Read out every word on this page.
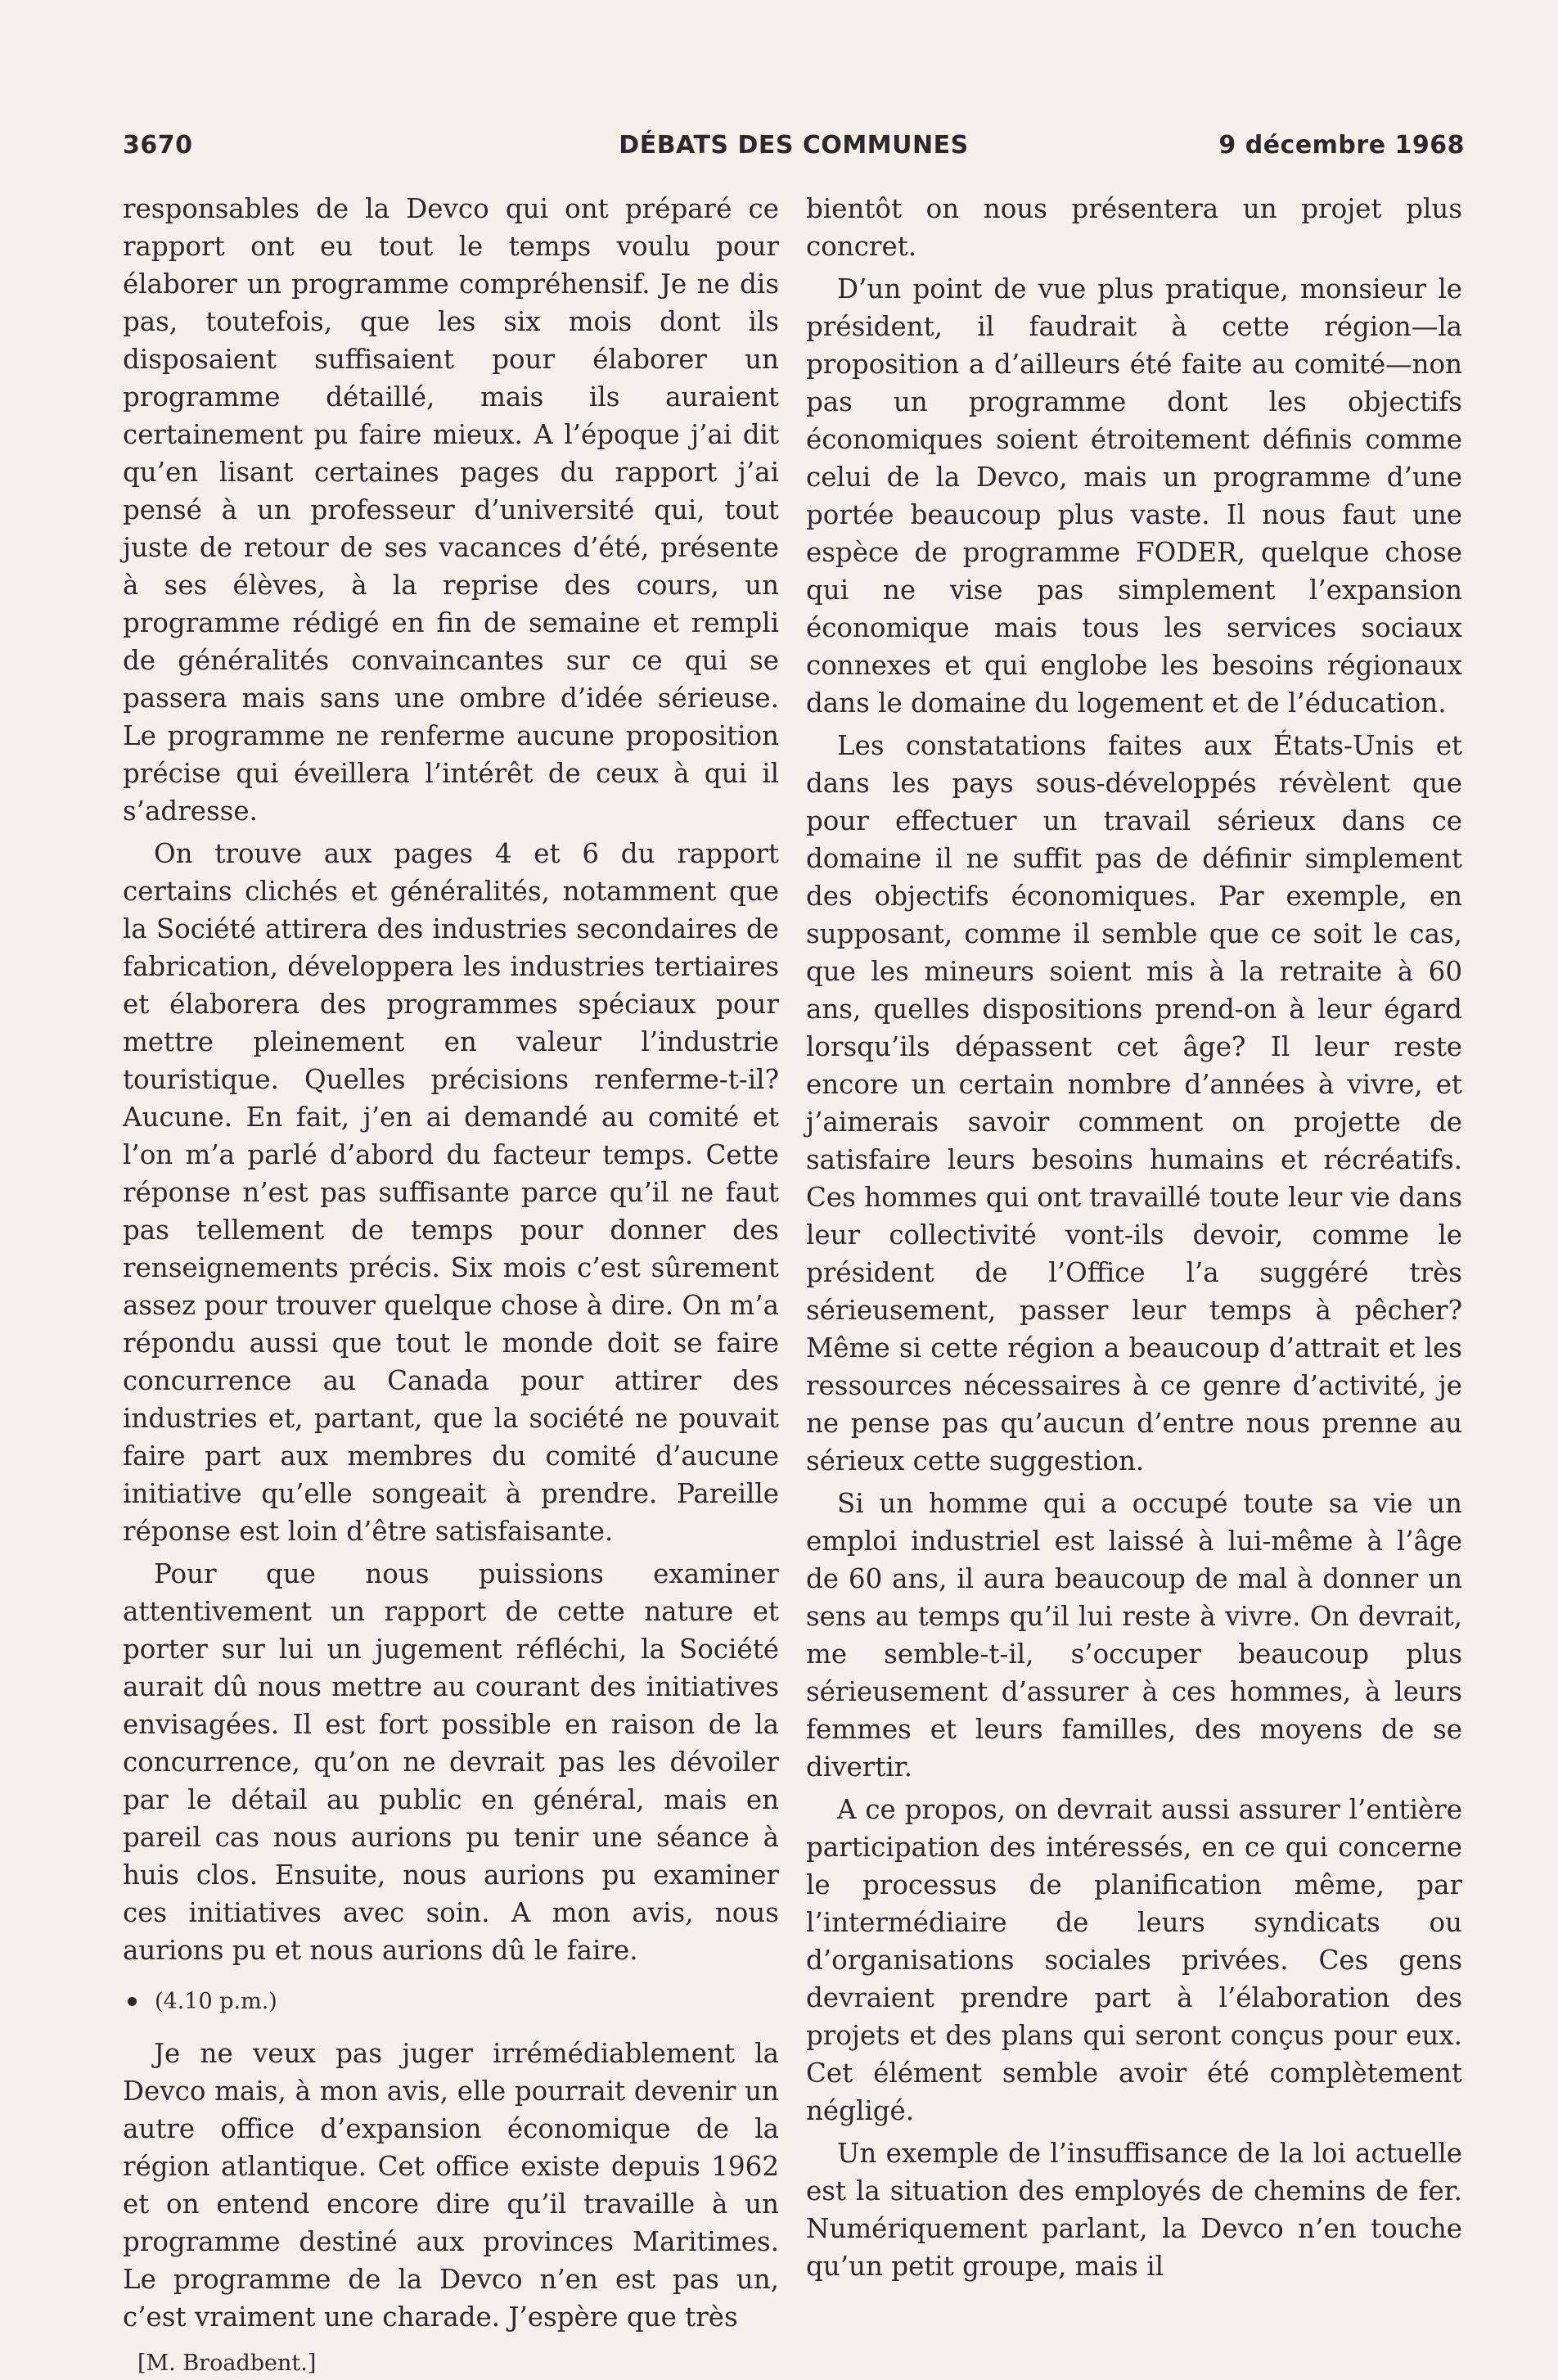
3670	DÉBATS DES COMMUNES	9 décembre 1968

responsables de la Devco qui ont préparé ce rapport ont eu tout le temps voulu pour élaborer un programme compréhensif. Je ne dis pas, toutefois, que les six mois dont ils disposaient suffisaient pour élaborer un programme détaillé, mais ils auraient certainement pu faire mieux. A l’époque j’ai dit qu’en lisant certaines pages du rapport j’ai pensé à un professeur d’université qui, tout juste de retour de ses vacances d’été, présente à ses élèves, à la reprise des cours, un programme rédigé en fin de semaine et rempli de généralités convaincantes sur ce qui se passera mais sans une ombre d’idée sérieuse. Le programme ne renferme aucune proposition précise qui éveillera l’intérêt de ceux à qui il s’adresse.

On trouve aux pages 4 et 6 du rapport certains clichés et généralités, notamment que la Société attirera des industries secondaires de fabrication, développera les industries tertiaires et élaborera des programmes spéciaux pour mettre pleinement en valeur l’industrie touristique. Quelles précisions renferme-t-il? Aucune. En fait, j’en ai demandé au comité et l’on m’a parlé d’abord du facteur temps. Cette réponse n’est pas suffisante parce qu’il ne faut pas tellement de temps pour donner des renseignements précis. Six mois c’est sûrement assez pour trouver quelque chose à dire. On m’a répondu aussi que tout le monde doit se faire concurrence au Canada pour attirer des industries et, partant, que la société ne pouvait faire part aux membres du comité d’aucune initiative qu’elle songeait à prendre. Pareille réponse est loin d’être satisfaisante.

Pour que nous puissions examiner attentivement un rapport de cette nature et porter sur lui un jugement réfléchi, la Société aurait dû nous mettre au courant des initiatives envisagées. Il est fort possible en raison de la concurrence, qu’on ne devrait pas les dévoiler par le détail au public en général, mais en pareil cas nous aurions pu tenir une séance à huis clos. Ensuite, nous aurions pu examiner ces initiatives avec soin. A mon avis, nous aurions pu et nous aurions dû le faire.

(4.10 p.m.)

Je ne veux pas juger irrémédiablement la Devco mais, à mon avis, elle pourrait devenir un autre office d’expansion économique de la région atlantique. Cet office existe depuis 1962 et on entend encore dire qu’il travaille à un programme destiné aux provinces Maritimes. Le programme de la Devco n’en est pas un, c’est vraiment une charade. J’espère que très

[M. Broadbent.]

bientôt on nous présentera un projet plus concret.

D’un point de vue plus pratique, monsieur le président, il faudrait à cette région—la proposition a d’ailleurs été faite au comité—non pas un programme dont les objectifs économiques soient étroitement définis comme celui de la Devco, mais un programme d’une portée beaucoup plus vaste. Il nous faut une espèce de programme FODER, quelque chose qui ne vise pas simplement l’expansion économique mais tous les services sociaux connexes et qui englobe les besoins régionaux dans le domaine du logement et de l’éducation.

Les constatations faites aux États-Unis et dans les pays sous-développés révèlent que pour effectuer un travail sérieux dans ce domaine il ne suffit pas de définir simplement des objectifs économiques. Par exemple, en supposant, comme il semble que ce soit le cas, que les mineurs soient mis à la retraite à 60 ans, quelles dispositions prend-on à leur égard lorsqu’ils dépassent cet âge? Il leur reste encore un certain nombre d’années à vivre, et j’aimerais savoir comment on projette de satisfaire leurs besoins humains et récréatifs. Ces hommes qui ont travaillé toute leur vie dans leur collectivité vont-ils devoir, comme le président de l’Office l’a suggéré très sérieusement, passer leur temps à pêcher? Même si cette région a beaucoup d’attrait et les ressources nécessaires à ce genre d’activité, je ne pense pas qu’aucun d’entre nous prenne au sérieux cette suggestion.

Si un homme qui a occupé toute sa vie un emploi industriel est laissé à lui-même à l’âge de 60 ans, il aura beaucoup de mal à donner un sens au temps qu’il lui reste à vivre. On devrait, me semble-t-il, s’occuper beaucoup plus sérieusement d’assurer à ces hommes, à leurs femmes et leurs familles, des moyens de se divertir.

A ce propos, on devrait aussi assurer l’entière participation des intéressés, en ce qui concerne le processus de planification même, par l’intermédiaire de leurs syndicats ou d’organisations sociales privées. Ces gens devraient prendre part à l’élaboration des projets et des plans qui seront conçus pour eux. Cet élément semble avoir été complètement négligé.

Un exemple de l’insuffisance de la loi actuelle est la situation des employés de chemins de fer. Numériquement parlant, la Devco n’en touche qu’un petit groupe, mais il
